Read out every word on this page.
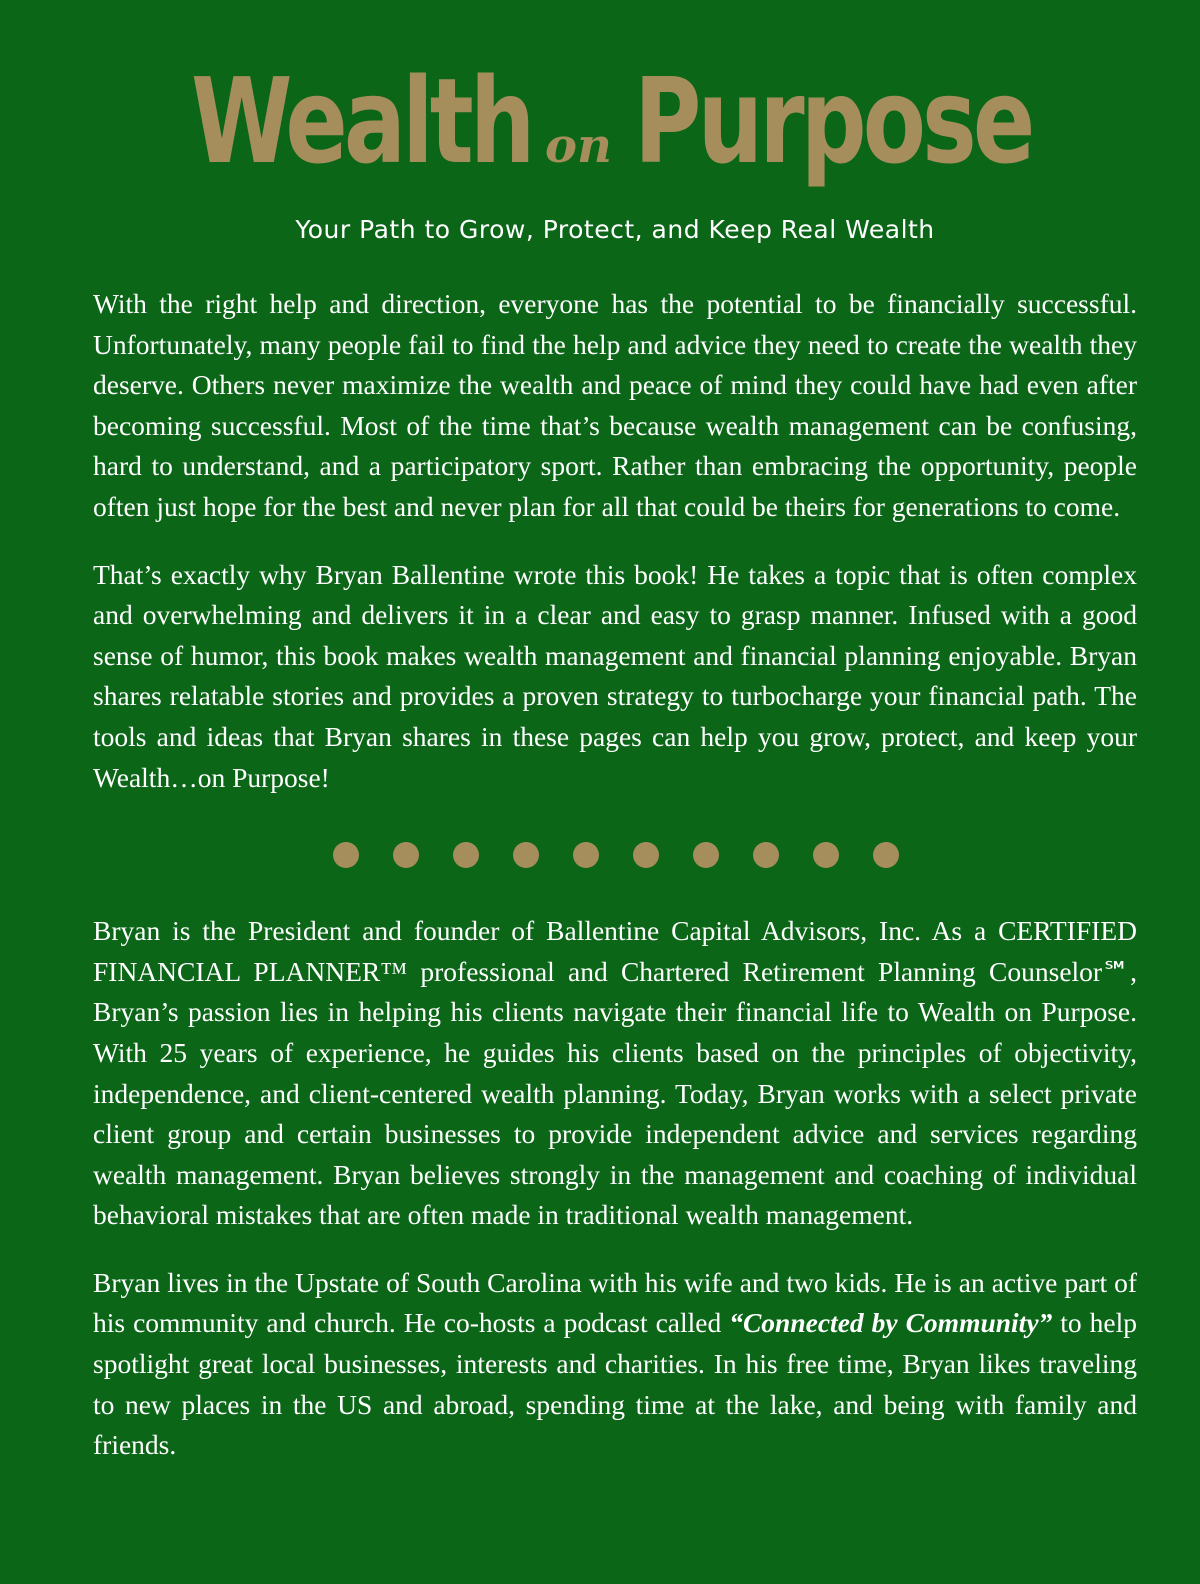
Wealth on Purpose

Your Path to Grow, Protect, and Keep Real Wealth

With the right help and direction, everyone has the potential to be financially successful. Unfortunately, many people fail to find the help and advice they need to create the wealth they deserve. Others never maximize the wealth and peace of mind they could have had even after becoming successful. Most of the time that’s because wealth management can be confusing, hard to understand, and a participatory sport. Rather than embracing the opportunity, people often just hope for the best and never plan for all that could be theirs for generations to come.

That’s exactly why Bryan Ballentine wrote this book! He takes a topic that is often complex and overwhelming and delivers it in a clear and easy to grasp manner. Infused with a good sense of humor, this book makes wealth management and financial planning enjoyable. Bryan shares relatable stories and provides a proven strategy to turbocharge your financial path. The tools and ideas that Bryan shares in these pages can help you grow, protect, and keep your Wealth…on Purpose!

Bryan is the President and founder of Ballentine Capital Advisors, Inc. As a CERTIFIED FINANCIAL PLANNER™ professional and Chartered Retirement Planning Counselor℠, Bryan’s passion lies in helping his clients navigate their financial life to Wealth on Purpose. With 25 years of experience, he guides his clients based on the principles of objectivity, independence, and client-centered wealth planning. Today, Bryan works with a select private client group and certain businesses to provide independent advice and services regarding wealth management. Bryan believes strongly in the management and coaching of individual behavioral mistakes that are often made in traditional wealth management.

Bryan lives in the Upstate of South Carolina with his wife and two kids. He is an active part of his community and church. He co-hosts a podcast called “Connected by Community” to help spotlight great local businesses, interests and charities. In his free time, Bryan likes traveling to new places in the US and abroad, spending time at the lake, and being with family and friends.
